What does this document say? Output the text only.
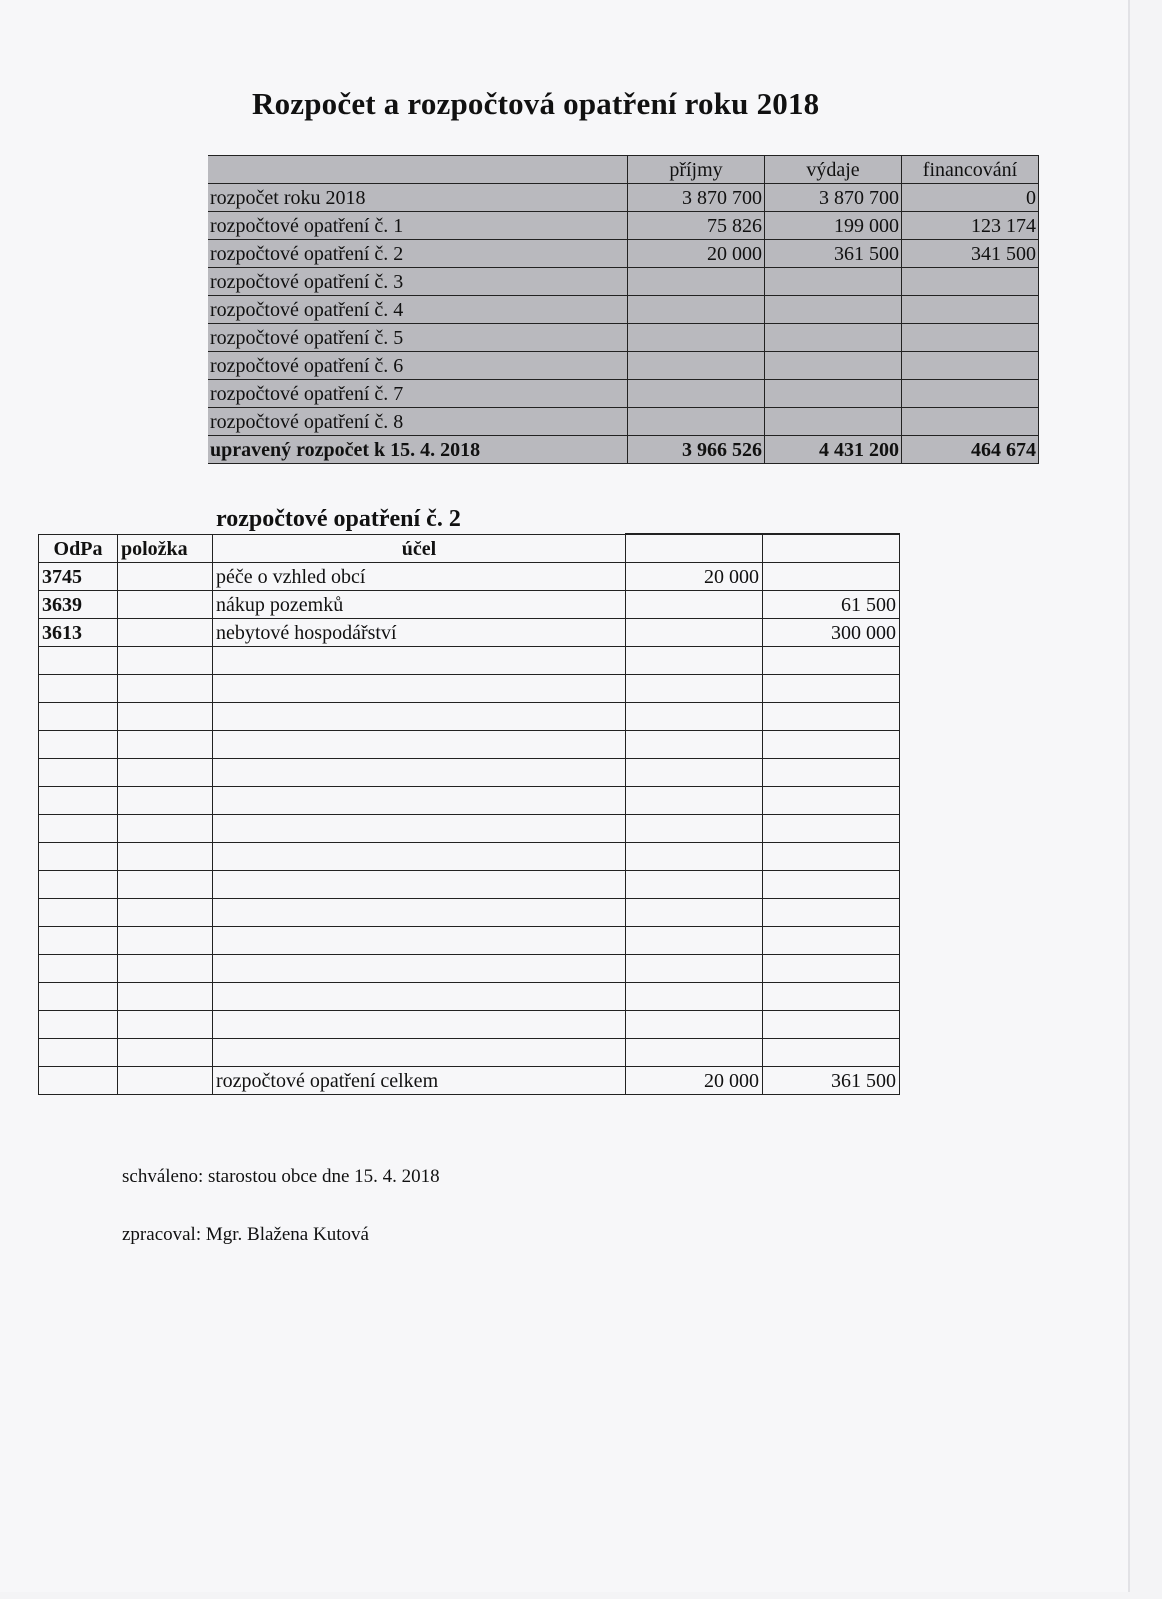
Rozpočet a rozpočtová opatření roku 2018
	příjmy	výdaje	financování
rozpočet roku 2018	3 870 700	3 870 700	0
rozpočtové opatření č. 1	75 826	199 000	123 174
rozpočtové opatření č. 2	20 000	361 500	341 500
rozpočtové opatření č. 3			
rozpočtové opatření č. 4			
rozpočtové opatření č. 5			
rozpočtové opatření č. 6			
rozpočtové opatření č. 7			
rozpočtové opatření č. 8			
upravený rozpočet k 15. 4. 2018	3 966 526	4 431 200	464 674
rozpočtové opatření č. 2

OdPa	položka	účel		
3745		péče o vzhled obcí	20 000	
3639		nákup pozemků		61 500
3613		nebytové hospodářství		300 000

		rozpočtové opatření celkem	20 000	361 500
schváleno: starostou obce dne 15. 4. 2018
zpracoval: Mgr. Blažena Kutová
